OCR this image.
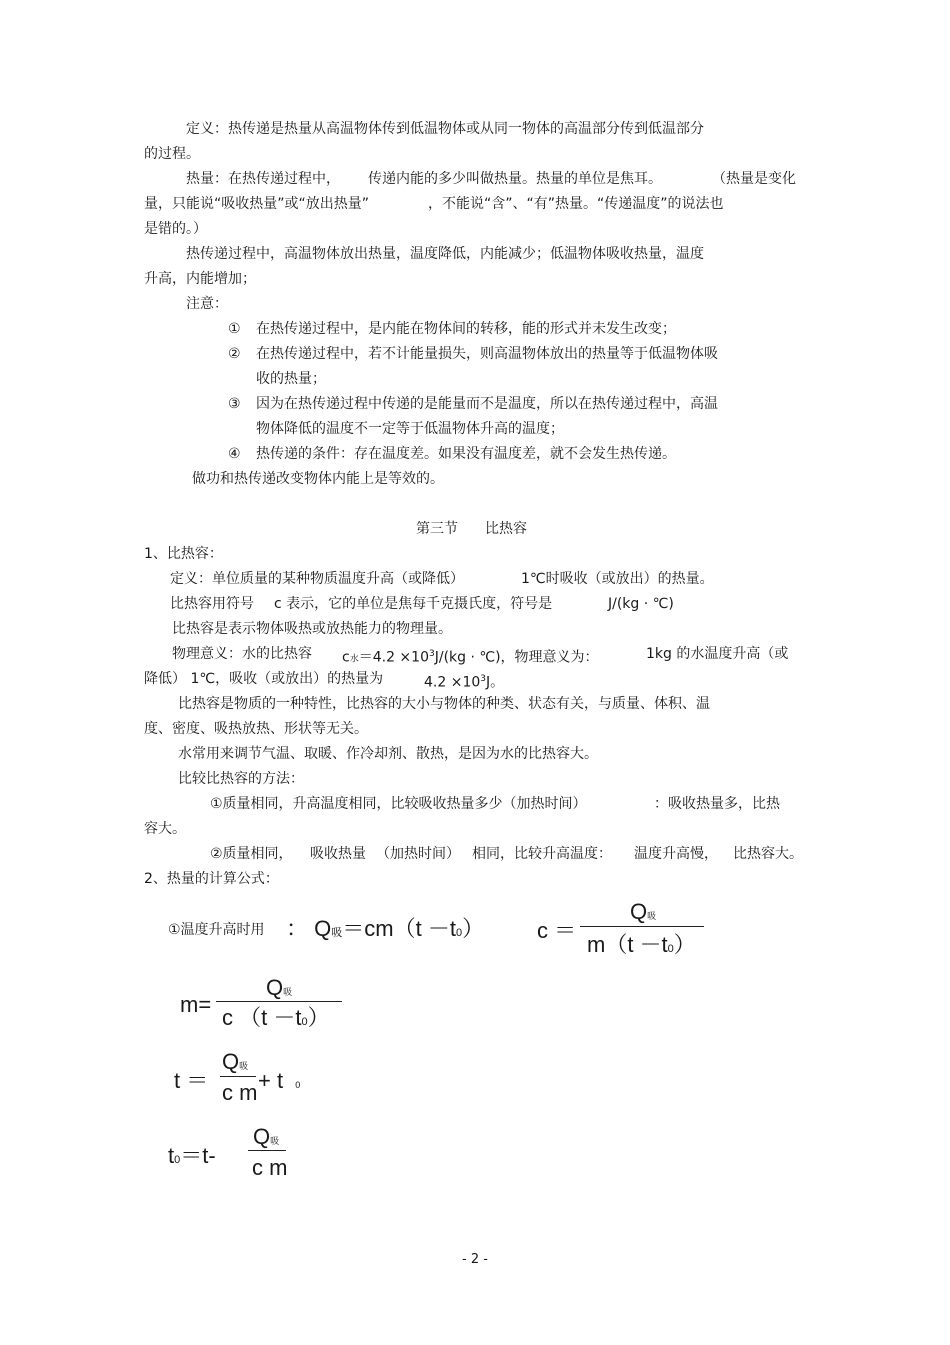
定义：热传递是热量从高温物体传到低温物体或从同一物体的高温部分传到低温部分
的过程。
热量：在热传递过程中， 传递内能的多少叫做热量。热量的单位是焦耳。	（热量是变化
量，只能说“吸收热量”或“放出热量”	，不能说“含”、“有”热量。“传递温度”的说法也
是错的。）
热传递过程中，高温物体放出热量，温度降低，内能减少；低温物体吸收热量，温度
升高，内能增加；
注意：
① 在热传递过程中，是内能在物体间的转移，能的形式并未发生改变；
② 在热传递过程中，若不计能量损失，则高温物体放出的热量等于低温物体吸
收的热量；
③ 因为在热传递过程中传递的是能量而不是温度，所以在热传递过程中，高温
物体降低的温度不一定等于低温物体升高的温度；
④ 热传递的条件：存在温度差。如果没有温度差，就不会发生热传递。
做功和热传递改变物体内能上是等效的。
第三节 比热容
1、比热容：
定义：单位质量的某种物质温度升高（或降低）	1℃时吸收（或放出）的热量。
比热容用符号 c 表示，它的单位是焦每千克摄氏度，符号是	J/(kg · ℃)
比热容是表示物体吸热或放热能力的物理量。
物理意义：水的比热容 c水$=4.2 \times 10^3J/(kg$ · ℃)，物理意义为：	1kg 的水温度升高（或
降低） 1℃，吸收（或放出）的热量为	$4.2 \times 10^3J$。
比热容是物质的一种特性，比热容的大小与物体的种类、状态有关，与质量、体积、温
度、密度、吸热放热、形状等无关。
水常用来调节气温、取暖、作冷却剂、散热，是因为水的比热容大。
比较比热容的方法：
①质量相同，升高温度相同，比较吸收热量多少（加热时间）	：吸收热量多，比热
容大。
②质量相同， 吸收热量 （加热时间） 相同，比较升高温度： 温度升高慢， 比热容大。
2、热量的计算公式：
①温度升高时用 ： Q吸＝cm（t －t0） c ＝
Q吸
m（t －t0）
m=
Q吸
c （t －t0）
t ＝
Q吸
c m + t 0
t0＝t-
Q吸
c m
- 2 -
